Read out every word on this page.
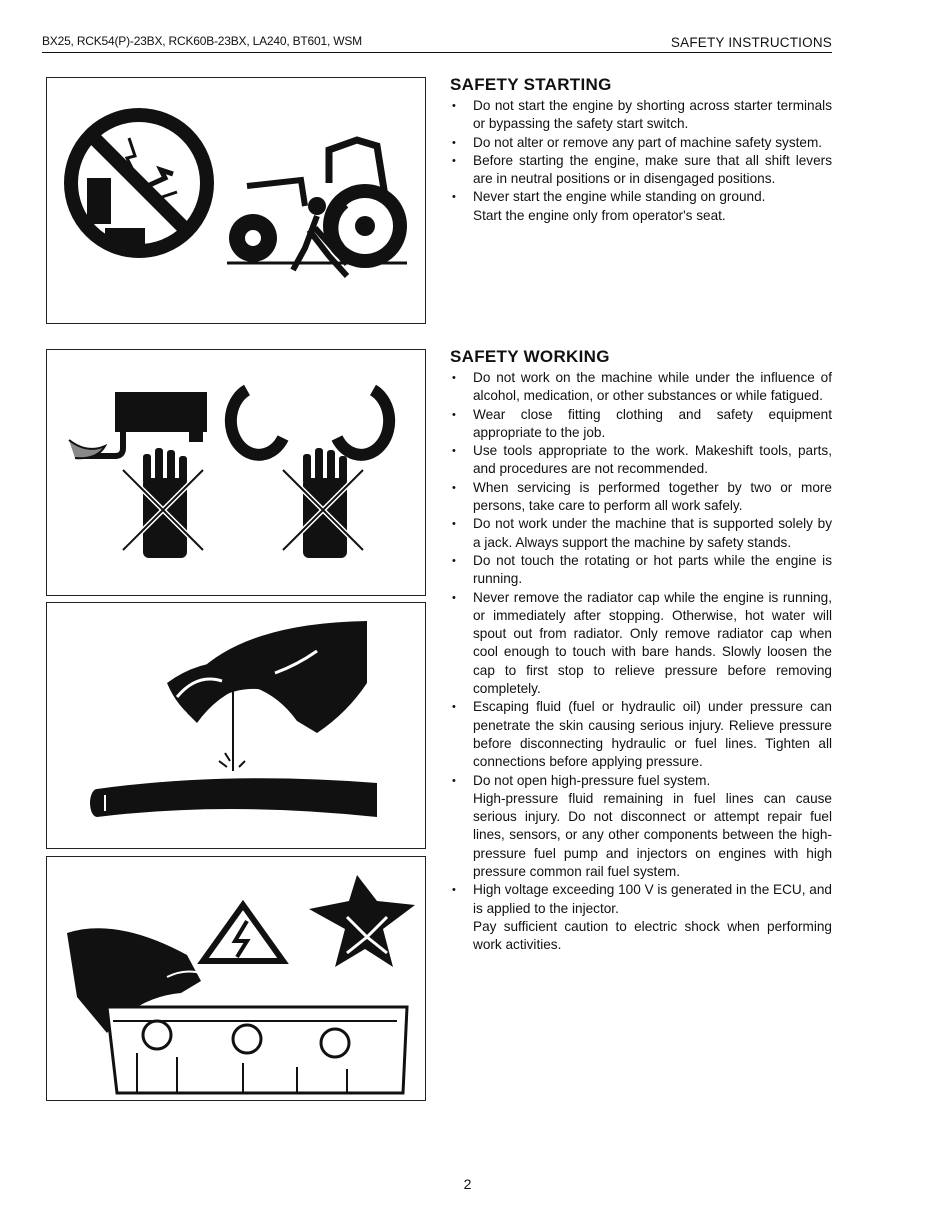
BX25, RCK54(P)-23BX, RCK60B-23BX, LA240, BT601, WSM	SAFETY INSTRUCTIONS
SAFETY STARTING
• Do not start the engine by shorting across starter terminals or bypassing the safety start switch.
• Do not alter or remove any part of machine safety system.
• Before starting the engine, make sure that all shift levers are in neutral positions or in disengaged positions.
• Never start the engine while standing on ground.
Start the engine only from operator's seat.
SAFETY WORKING
• Do not work on the machine while under the influence of alcohol, medication, or other substances or while fatigued.
• Wear close fitting clothing and safety equipment appropriate to the job.
• Use tools appropriate to the work. Makeshift tools, parts, and procedures are not recommended.
• When servicing is performed together by two or more persons, take care to perform all work safely.
• Do not work under the machine that is supported solely by a jack. Always support the machine by safety stands.
• Do not touch the rotating or hot parts while the engine is running.
• Never remove the radiator cap while the engine is running, or immediately after stopping. Otherwise, hot water will spout out from radiator. Only remove radiator cap when cool enough to touch with bare hands. Slowly loosen the cap to first stop to relieve pressure before removing completely.
• Escaping fluid (fuel or hydraulic oil) under pressure can penetrate the skin causing serious injury. Relieve pressure before disconnecting hydraulic or fuel lines. Tighten all connections before applying pressure.
• Do not open high-pressure fuel system.
High-pressure fluid remaining in fuel lines can cause serious injury. Do not disconnect or attempt repair fuel lines, sensors, or any other components between the high-pressure fuel pump and injectors on engines with high pressure common rail fuel system.
• High voltage exceeding 100 V is generated in the ECU, and is applied to the injector.
Pay sufficient caution to electric shock when performing work activities.
2
